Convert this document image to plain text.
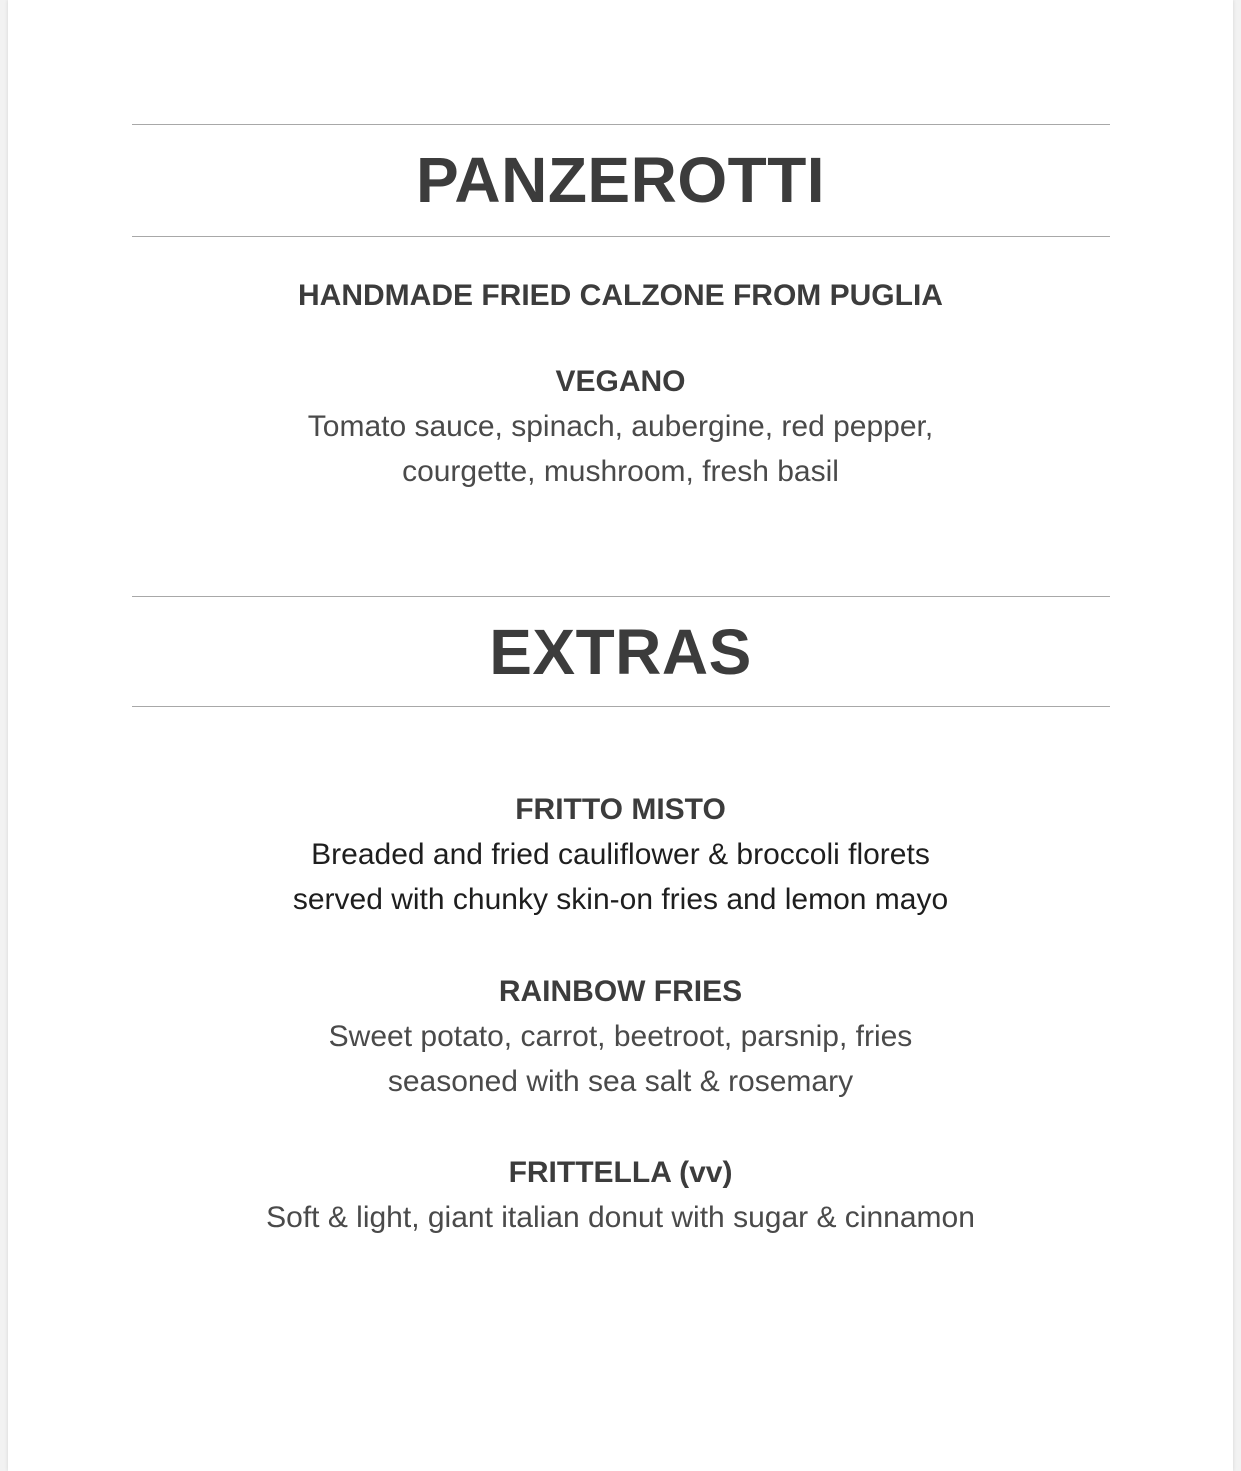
PANZEROTTI
HANDMADE FRIED CALZONE FROM PUGLIA

VEGANO

Tomato sauce, spinach, aubergine, red pepper,
courgette, mushroom, fresh basil

EXTRAS

FRITTO MISTO

Breaded and fried cauliflower & broccoli florets
served with chunky skin-on fries and lemon mayo

RAINBOW FRIES

Sweet potato, carrot, beetroot, parsnip, fries
seasoned with sea salt & rosemary

FRITTELLA (vv)

Soft & light, giant italian donut with sugar & cinnamon
